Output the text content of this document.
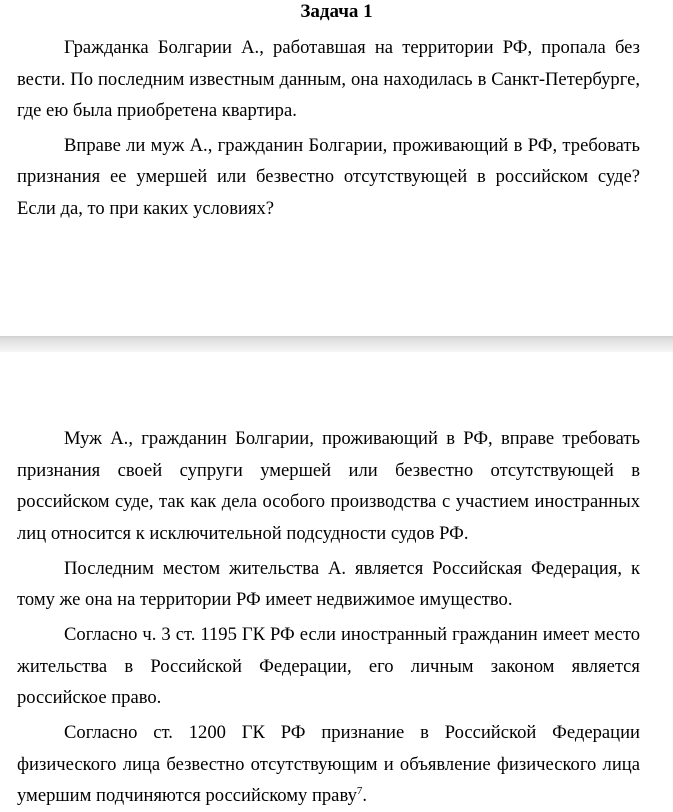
Задача 1

Гражданка Болгарии А., работавшая на территории РФ, пропала без вести. По последним известным данным, она находилась в Санкт-Петербурге, где ею была приобретена квартира.

Вправе ли муж А., гражданин Болгарии, проживающий в РФ, требовать признания ее умершей или безвестно отсутствующей в российском суде? Если да, то при каких условиях?

Муж А., гражданин Болгарии, проживающий в РФ, вправе требовать признания своей супруги умершей или безвестно отсутствующей в российском суде, так как дела особого производства с участием иностранных лиц относится к исключительной подсудности судов РФ.

Последним местом жительства А. является Российская Федерация, к тому же она на территории РФ имеет недвижимое имущество.

Согласно ч. 3 ст. 1195 ГК РФ если иностранный гражданин имеет место жительства в Российской Федерации, его личным законом является российское право.

Согласно ст. 1200 ГК РФ признание в Российской Федерации физического лица безвестно отсутствующим и объявление физического лица умершим подчиняются российскому праву$^7$.
